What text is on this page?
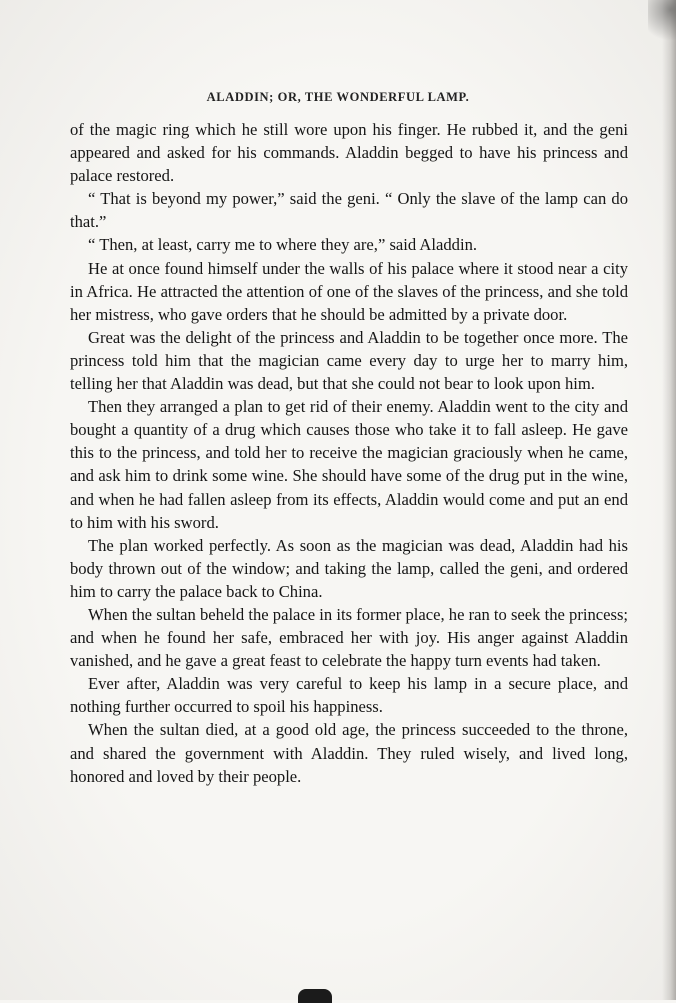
ALADDIN; OR, THE WONDERFUL LAMP.

of the magic ring which he still wore upon his finger. He rubbed it, and the geni appeared and asked for his commands. Aladdin begged to have his princess and palace restored.

“ That is beyond my power,” said the geni. “ Only the slave of the lamp can do that.”

“ Then, at least, carry me to where they are,” said Aladdin.

He at once found himself under the walls of his palace where it stood near a city in Africa. He attracted the attention of one of the slaves of the princess, and she told her mistress, who gave orders that he should be admitted by a private door.

Great was the delight of the princess and Aladdin to be together once more. The princess told him that the magician came every day to urge her to marry him, telling her that Aladdin was dead, but that she could not bear to look upon him.

Then they arranged a plan to get rid of their enemy. Aladdin went to the city and bought a quantity of a drug which causes those who take it to fall asleep. He gave this to the princess, and told her to receive the magician graciously when he came, and ask him to drink some wine. She should have some of the drug put in the wine, and when he had fallen asleep from its effects, Aladdin would come and put an end to him with his sword.

The plan worked perfectly. As soon as the magician was dead, Aladdin had his body thrown out of the window; and taking the lamp, called the geni, and ordered him to carry the palace back to China.

When the sultan beheld the palace in its former place, he ran to seek the princess; and when he found her safe, embraced her with joy. His anger against Aladdin vanished, and he gave a great feast to celebrate the happy turn events had taken.

Ever after, Aladdin was very careful to keep his lamp in a secure place, and nothing further occurred to spoil his happiness.

When the sultan died, at a good old age, the princess succeeded to the throne, and shared the government with Aladdin. They ruled wisely, and lived long, honored and loved by their people.
